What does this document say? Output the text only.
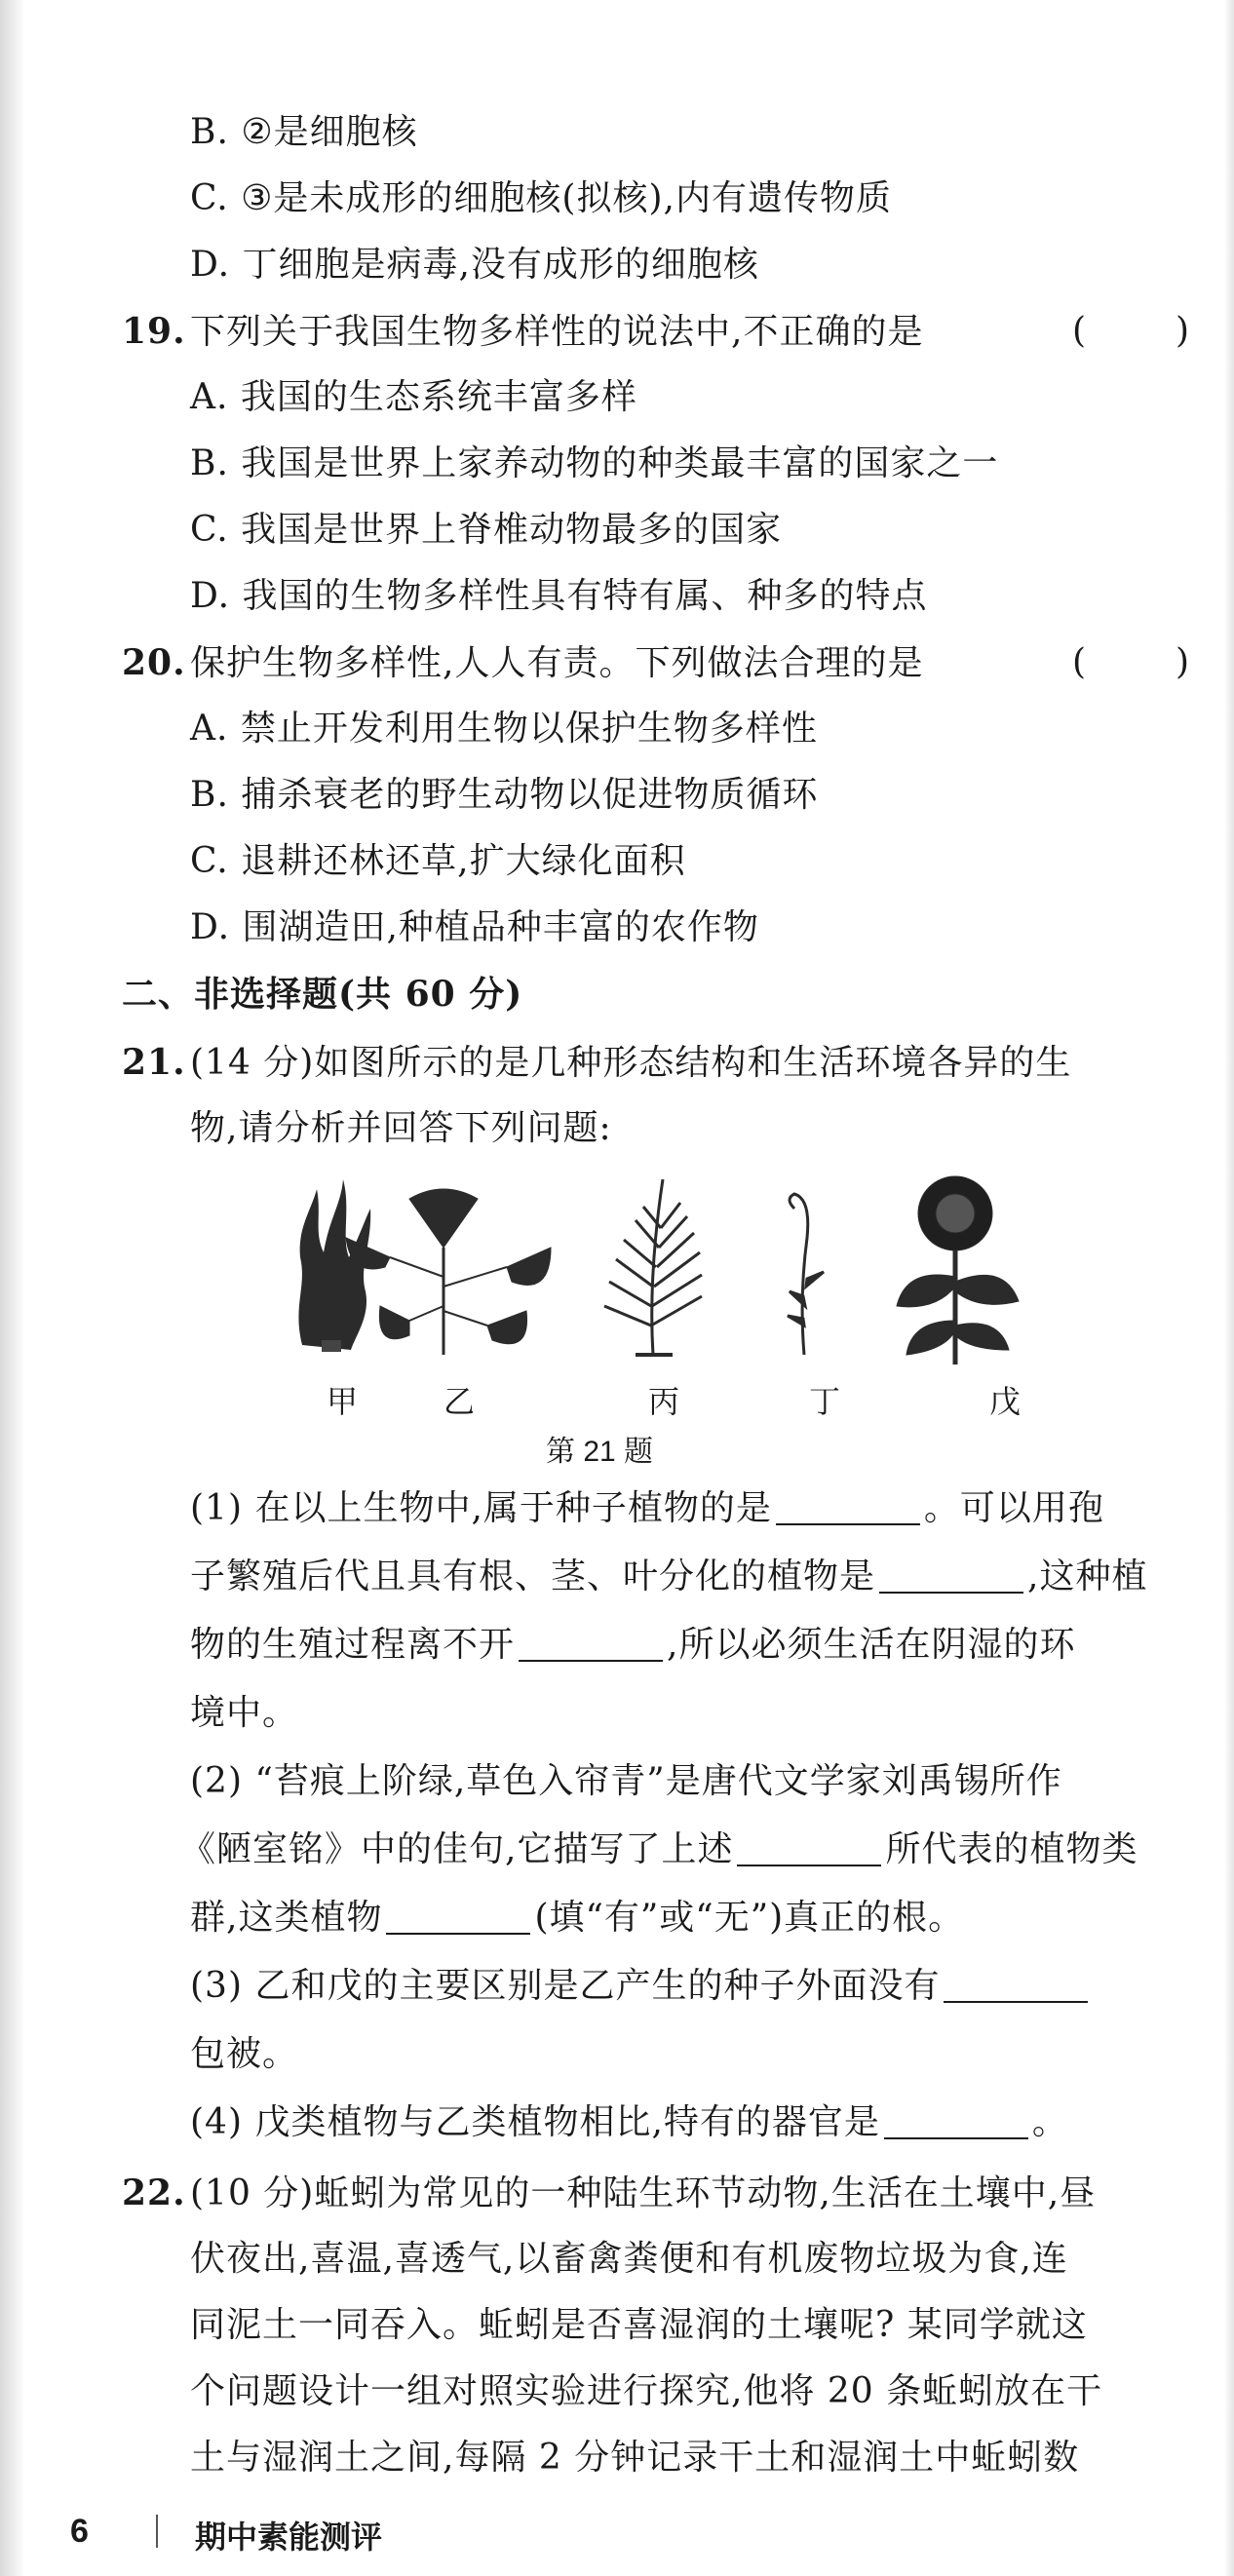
B. ②是细胞核
C. ③是未成形的细胞核(拟核),内有遗传物质
D. 丁细胞是病毒,没有成形的细胞核
19. 下列关于我国生物多样性的说法中,不正确的是	(	)
A. 我国的生态系统丰富多样
B. 我国是世界上家养动物的种类最丰富的国家之一
C. 我国是世界上脊椎动物最多的国家
D. 我国的生物多样性具有特有属、种多的特点
20. 保护生物多样性,人人有责。下列做法合理的是	(	)
A. 禁止开发利用生物以保护生物多样性
B. 捕杀衰老的野生动物以促进物质循环
C. 退耕还林还草,扩大绿化面积
D. 围湖造田,种植品种丰富的农作物
二、非选择题(共 60 分)
21. (14 分)如图所示的是几种形态结构和生活环境各异的生
物,请分析并回答下列问题:
甲	乙	丙	丁	戊
第 21 题
(1) 在以上生物中,属于种子植物的是	。可以用孢
子繁殖后代且具有根、茎、叶分化的植物是	,这种植
物的生殖过程离不开	,所以必须生活在阴湿的环
境中。
(2) “苔痕上阶绿,草色入帘青”是唐代文学家刘禹锡所作
《陋室铭》中的佳句,它描写了上述	所代表的植物类
群,这类植物	(填“有”或“无”)真正的根。
(3) 乙和戊的主要区别是乙产生的种子外面没有
包被。
(4) 戊类植物与乙类植物相比,特有的器官是	。
22. (10 分)蚯蚓为常见的一种陆生环节动物,生活在土壤中,昼
伏夜出,喜温,喜透气,以畜禽粪便和有机废物垃圾为食,连
同泥土一同吞入。蚯蚓是否喜湿润的土壤呢? 某同学就这
个问题设计一组对照实验进行探究,他将 20 条蚯蚓放在干
土与湿润土之间,每隔 2 分钟记录干土和湿润土中蚯蚓数
6	期中素能测评
